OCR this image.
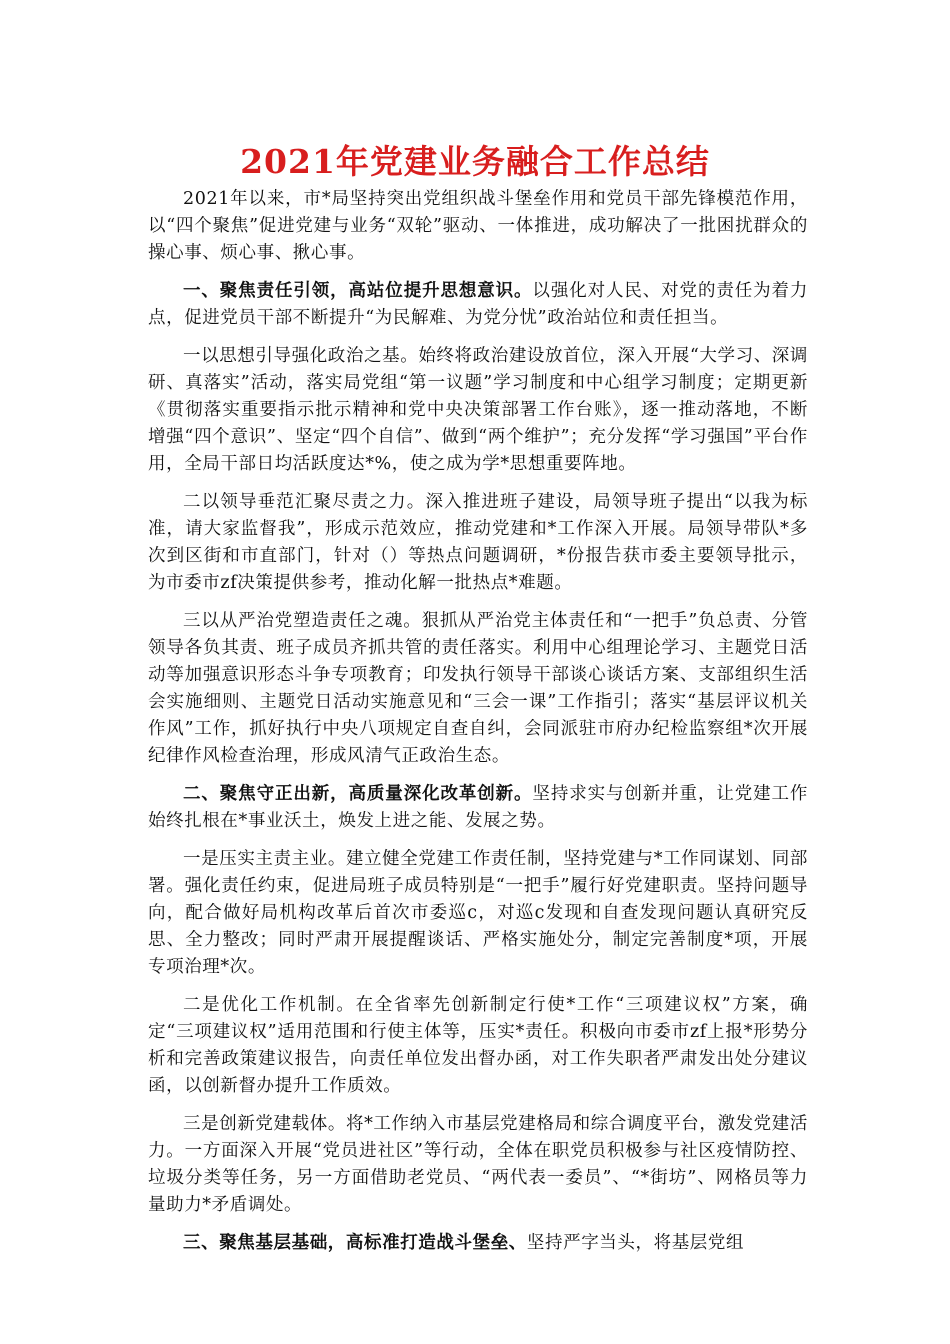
2021年党建业务融合工作总结

2021年以来，市*局坚持突出党组织战斗堡垒作用和党员干部先锋模范作用，以“四个聚焦”促进党建与业务“双轮”驱动、一体推进，成功解决了一批困扰群众的操心事、烦心事、揪心事。

一、聚焦责任引领，高站位提升思想意识。以强化对人民、对党的责任为着力点，促进党员干部不断提升“为民解难、为党分忧”政治站位和责任担当。

一以思想引导强化政治之基。始终将政治建设放首位，深入开展“大学习、深调研、真落实”活动，落实局党组“第一议题”学习制度和中心组学习制度；定期更新《贯彻落实重要指示批示精神和党中央决策部署工作台账》，逐一推动落地，不断增强“四个意识”、坚定“四个自信”、做到“两个维护”；充分发挥“学习强国”平台作用，全局干部日均活跃度达*%，使之成为学*思想重要阵地。

二以领导垂范汇聚尽责之力。深入推进班子建设，局领导班子提出“以我为标准，请大家监督我”，形成示范效应，推动党建和*工作深入开展。局领导带队*多次到区街和市直部门，针对（）等热点问题调研，*份报告获市委主要领导批示，为市委市zf决策提供参考，推动化解一批热点*难题。

三以从严治党塑造责任之魂。狠抓从严治党主体责任和“一把手”负总责、分管领导各负其责、班子成员齐抓共管的责任落实。利用中心组理论学习、主题党日活动等加强意识形态斗争专项教育；印发执行领导干部谈心谈话方案、支部组织生活会实施细则、主题党日活动实施意见和“三会一课”工作指引；落实“基层评议机关作风”工作，抓好执行中央八项规定自查自纠，会同派驻市府办纪检监察组*次开展纪律作风检查治理，形成风清气正政治生态。

二、聚焦守正出新，高质量深化改革创新。坚持求实与创新并重，让党建工作始终扎根在*事业沃土，焕发上进之能、发展之势。

一是压实主责主业。建立健全党建工作责任制，坚持党建与*工作同谋划、同部署。强化责任约束，促进局班子成员特别是“一把手”履行好党建职责。坚持问题导向，配合做好局机构改革后首次市委巡c，对巡c发现和自查发现问题认真研究反思、全力整改；同时严肃开展提醒谈话、严格实施处分，制定完善制度*项，开展专项治理*次。

二是优化工作机制。在全省率先创新制定行使*工作“三项建议权”方案，确定“三项建议权”适用范围和行使主体等，压实*责任。积极向市委市zf上报*形势分析和完善政策建议报告，向责任单位发出督办函，对工作失职者严肃发出处分建议函，以创新督办提升工作质效。

三是创新党建载体。将*工作纳入市基层党建格局和综合调度平台，激发党建活力。一方面深入开展“党员进社区”等行动，全体在职党员积极参与社区疫情防控、垃圾分类等任务，另一方面借助老党员、“两代表一委员”、“*街坊”、网格员等力量助力*矛盾调处。

三、聚焦基层基础，高标准打造战斗堡垒、坚持严字当头，将基层党组
